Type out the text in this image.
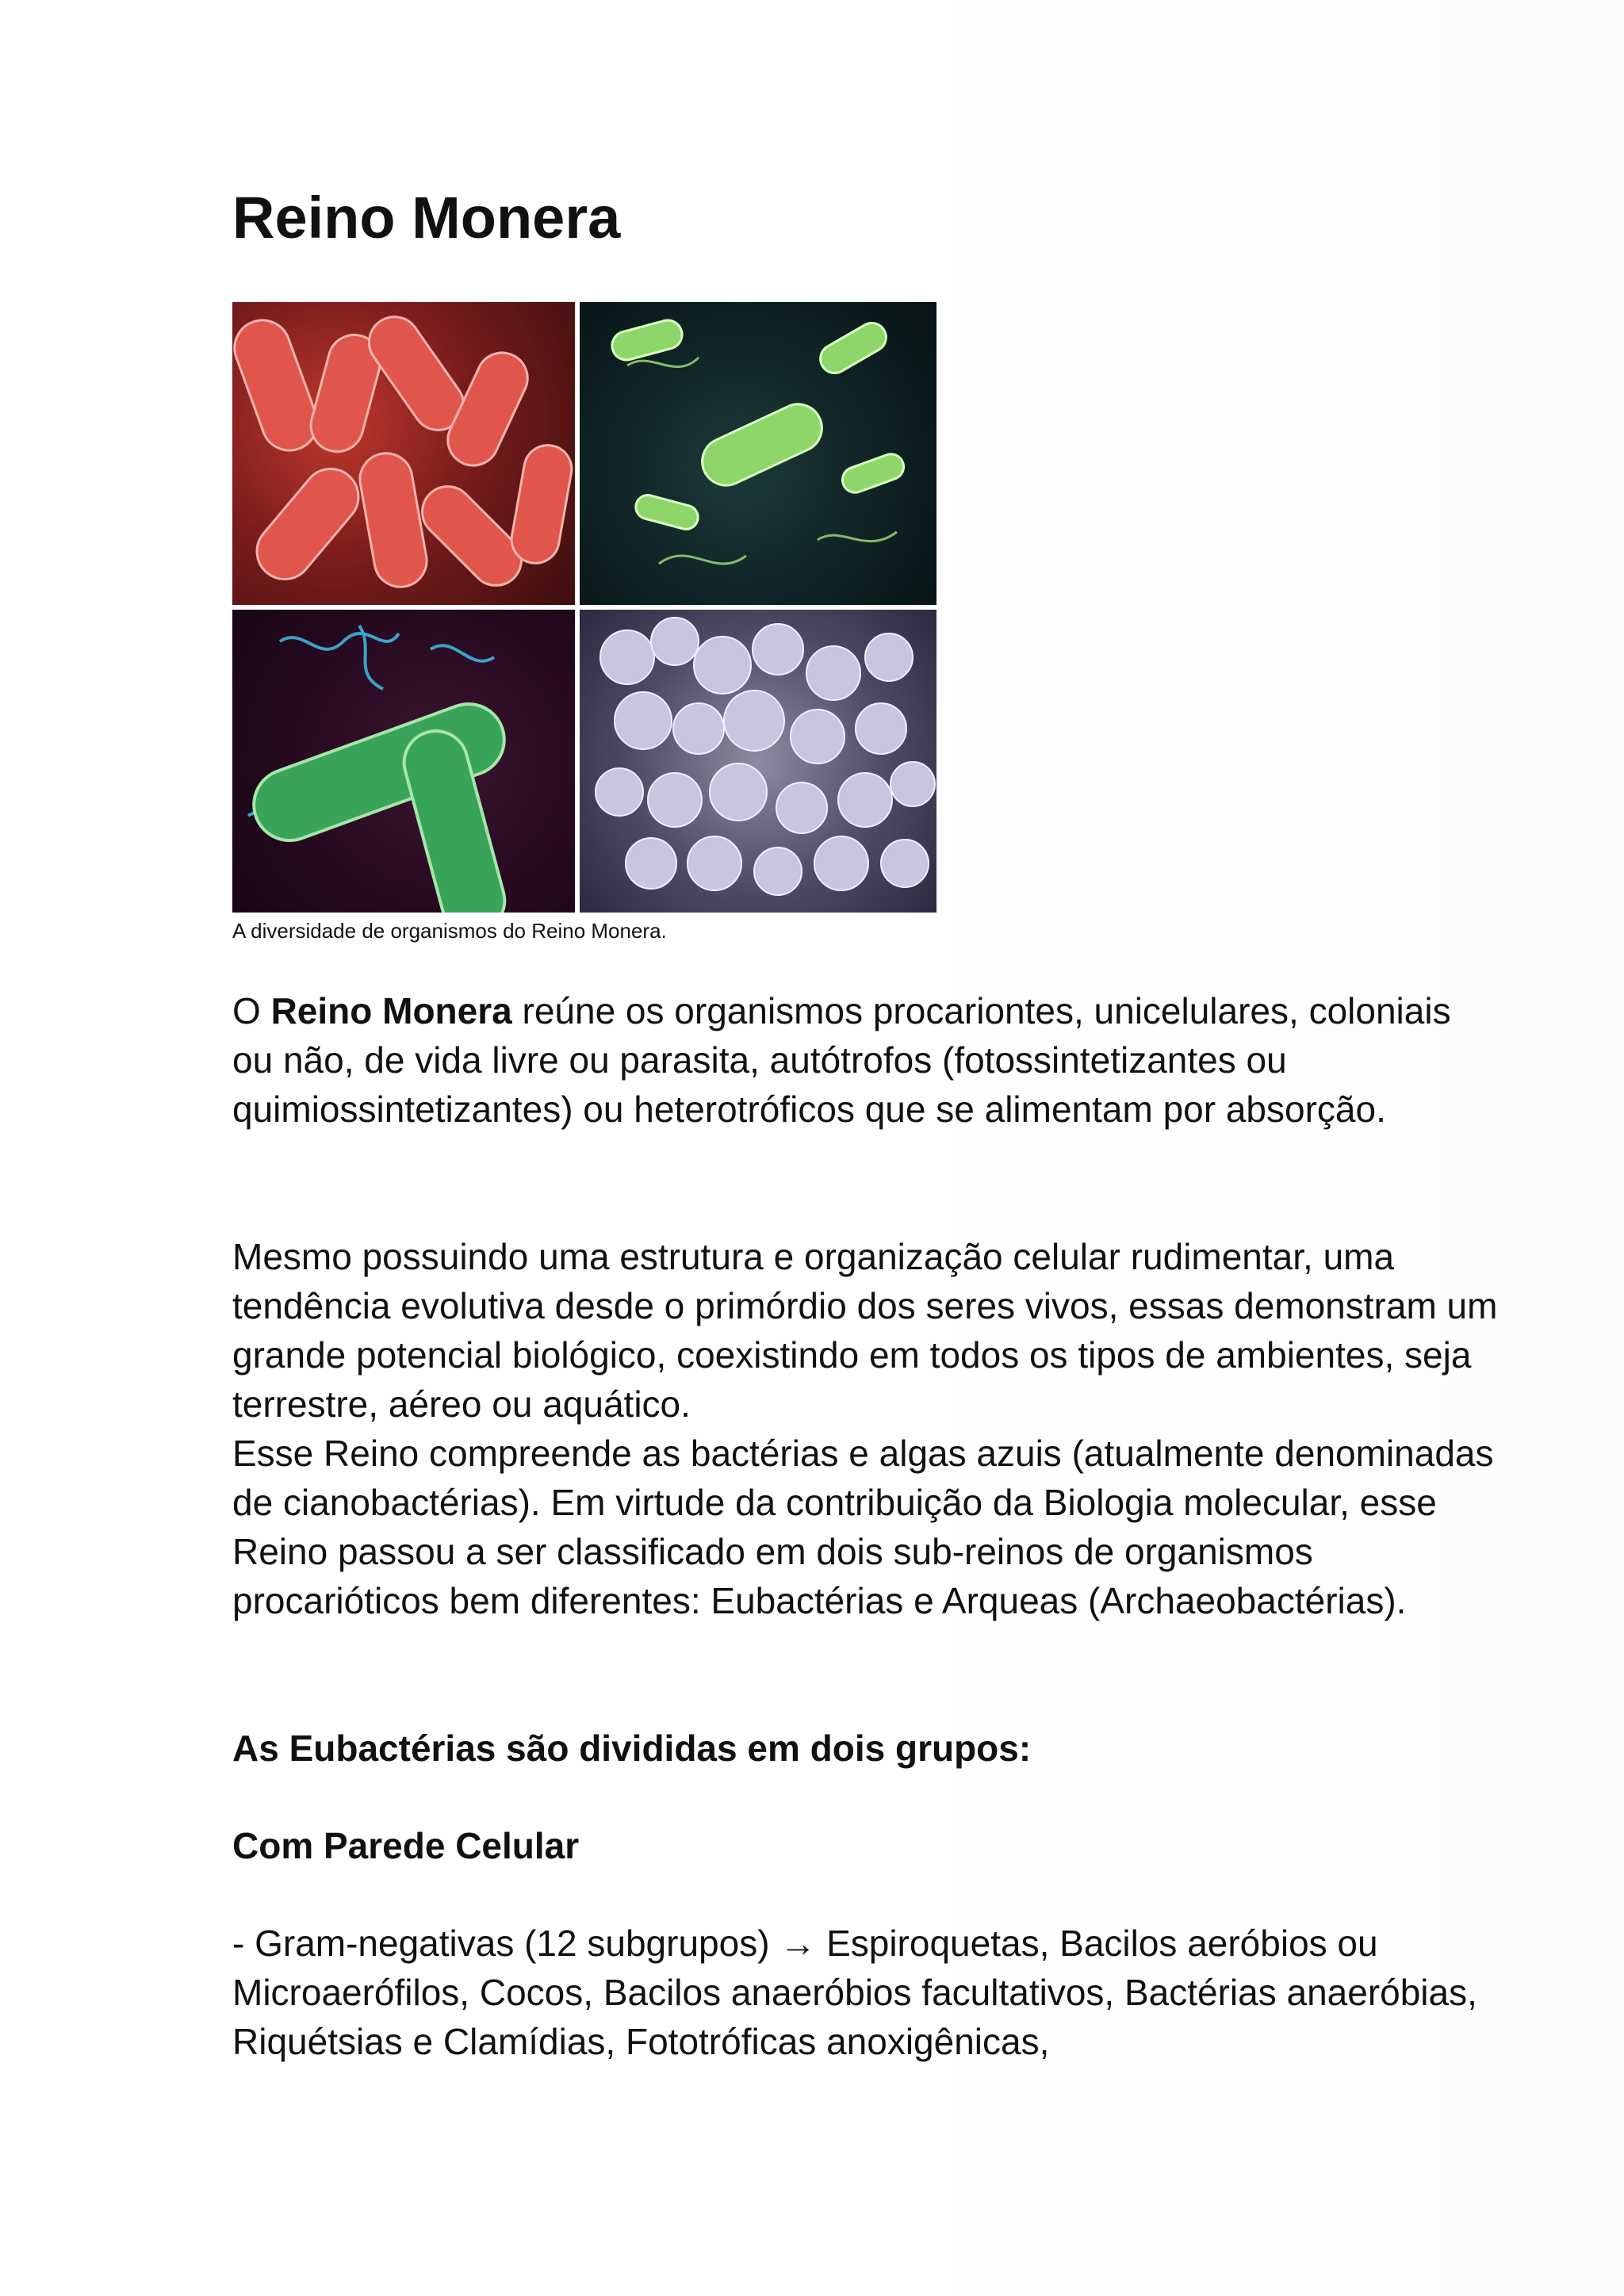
Reino Monera
A diversidade de organismos do Reino Monera.

O Reino Monera reúne os organismos procariontes, unicelulares, coloniais ou não, de vida livre ou parasita, autótrofos (fotossintetizantes ou quimiossintetizantes) ou heterotróficos que se alimentam por absorção.

Mesmo possuindo uma estrutura e organização celular rudimentar, uma tendência evolutiva desde o primórdio dos seres vivos, essas demonstram um grande potencial biológico, coexistindo em todos os tipos de ambientes, seja terrestre, aéreo ou aquático.

Esse Reino compreende as bactérias e algas azuis (atualmente denominadas de cianobactérias). Em virtude da contribuição da Biologia molecular, esse Reino passou a ser classificado em dois sub-reinos de organismos procarióticos bem diferentes: Eubactérias e Arqueas (Archaeobactérias).

As Eubactérias são divididas em dois grupos:
Com Parede Celular

- Gram-negativas (12 subgrupos) → Espiroquetas, Bacilos aeróbios ou Microaerófilos, Cocos, Bacilos anaeróbios facultativos, Bactérias anaeróbias, Riquétsias e Clamídias, Fototróficas anoxigênicas,
